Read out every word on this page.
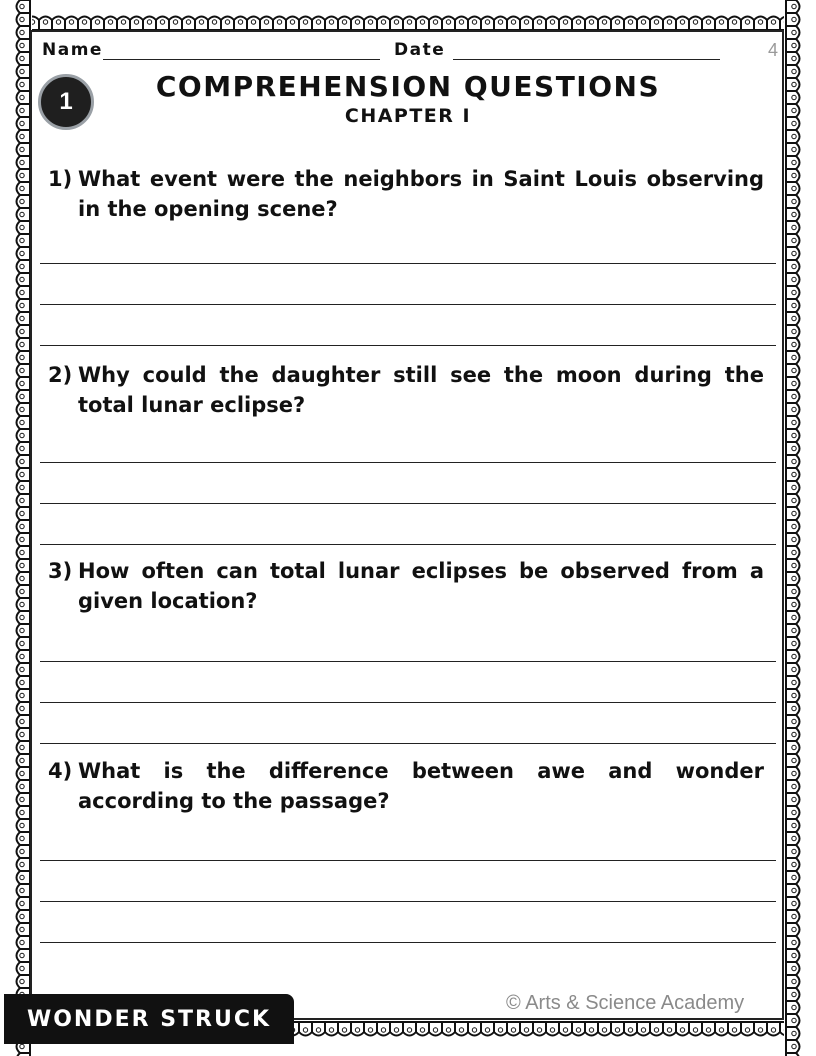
Name	Date	4
1	COMPREHENSION QUESTIONS
CHAPTER I
1) What event were the neighbors in Saint Louis observing in the opening scene?
2) Why could the daughter still see the moon during the total lunar eclipse?
3) How often can total lunar eclipses be observed from a given location?
4) What is the difference between awe and wonder according to the passage?
© Arts & Science Academy
WONDER STRUCK
